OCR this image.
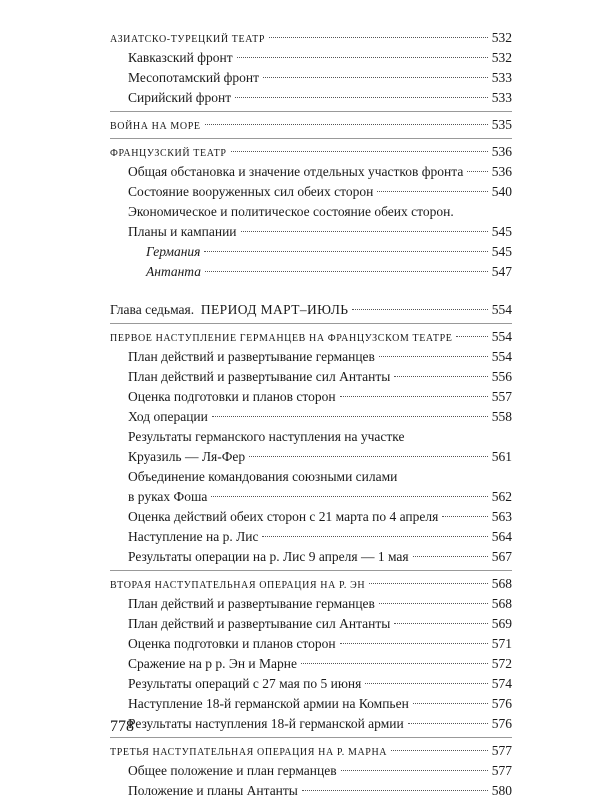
АЗИАТСКО-ТУРЕЦКИЙ ТЕАТР	532
Кавказский фронт	532
Месопотамский фронт	533
Сирийский фронт	533
ВОЙНА НА МОРЕ	535
ФРАНЦУЗСКИЙ ТЕАТР	536
Общая обстановка и значение отдельных участков фронта 536
Состояние вооруженных сил обеих сторон	540
Экономическое и политическое состояние обеих сторон.
Планы и кампании	545
Германия	545
Антанта	547
Глава седьмая. ПЕРИОД МАРТ–ИЮЛЬ	554
ПЕРВОЕ НАСТУПЛЕНИЕ ГЕРМАНЦЕВ НА ФРАНЦУЗСКОМ ТЕАТРЕ	554
План действий и развертывание германцев	554
План действий и развертывание сил Антанты	556
Оценка подготовки и планов сторон	557
Ход операции	558
Результаты германского наступления на участке
Круазиль — Ля-Фер	561
Объединение командования союзными силами
в руках Фоша	562
Оценка действий обеих сторон с 21 марта по 4 апреля	563
Наступление на р. Лис	564
Результаты операции на р. Лис 9 апреля — 1 мая	567
ВТОРАЯ НАСТУПАТЕЛЬНАЯ ОПЕРАЦИЯ НА Р. ЭН	568
План действий и развертывание германцев	568
План действий и развертывание сил Антанты	569
Оценка подготовки и планов сторон	571
Сражение на р р. Эн и Марне	572
Результаты операций с 27 мая по 5 июня	574
Наступление 18-й германской армии на Компьен	576
Результаты наступления 18-й германской армии	576
ТРЕТЬЯ НАСТУПАТЕЛЬНАЯ ОПЕРАЦИЯ НА Р. МАРНА	577
Общее положение и план германцев	577
Положение и планы Антанты	580
778
